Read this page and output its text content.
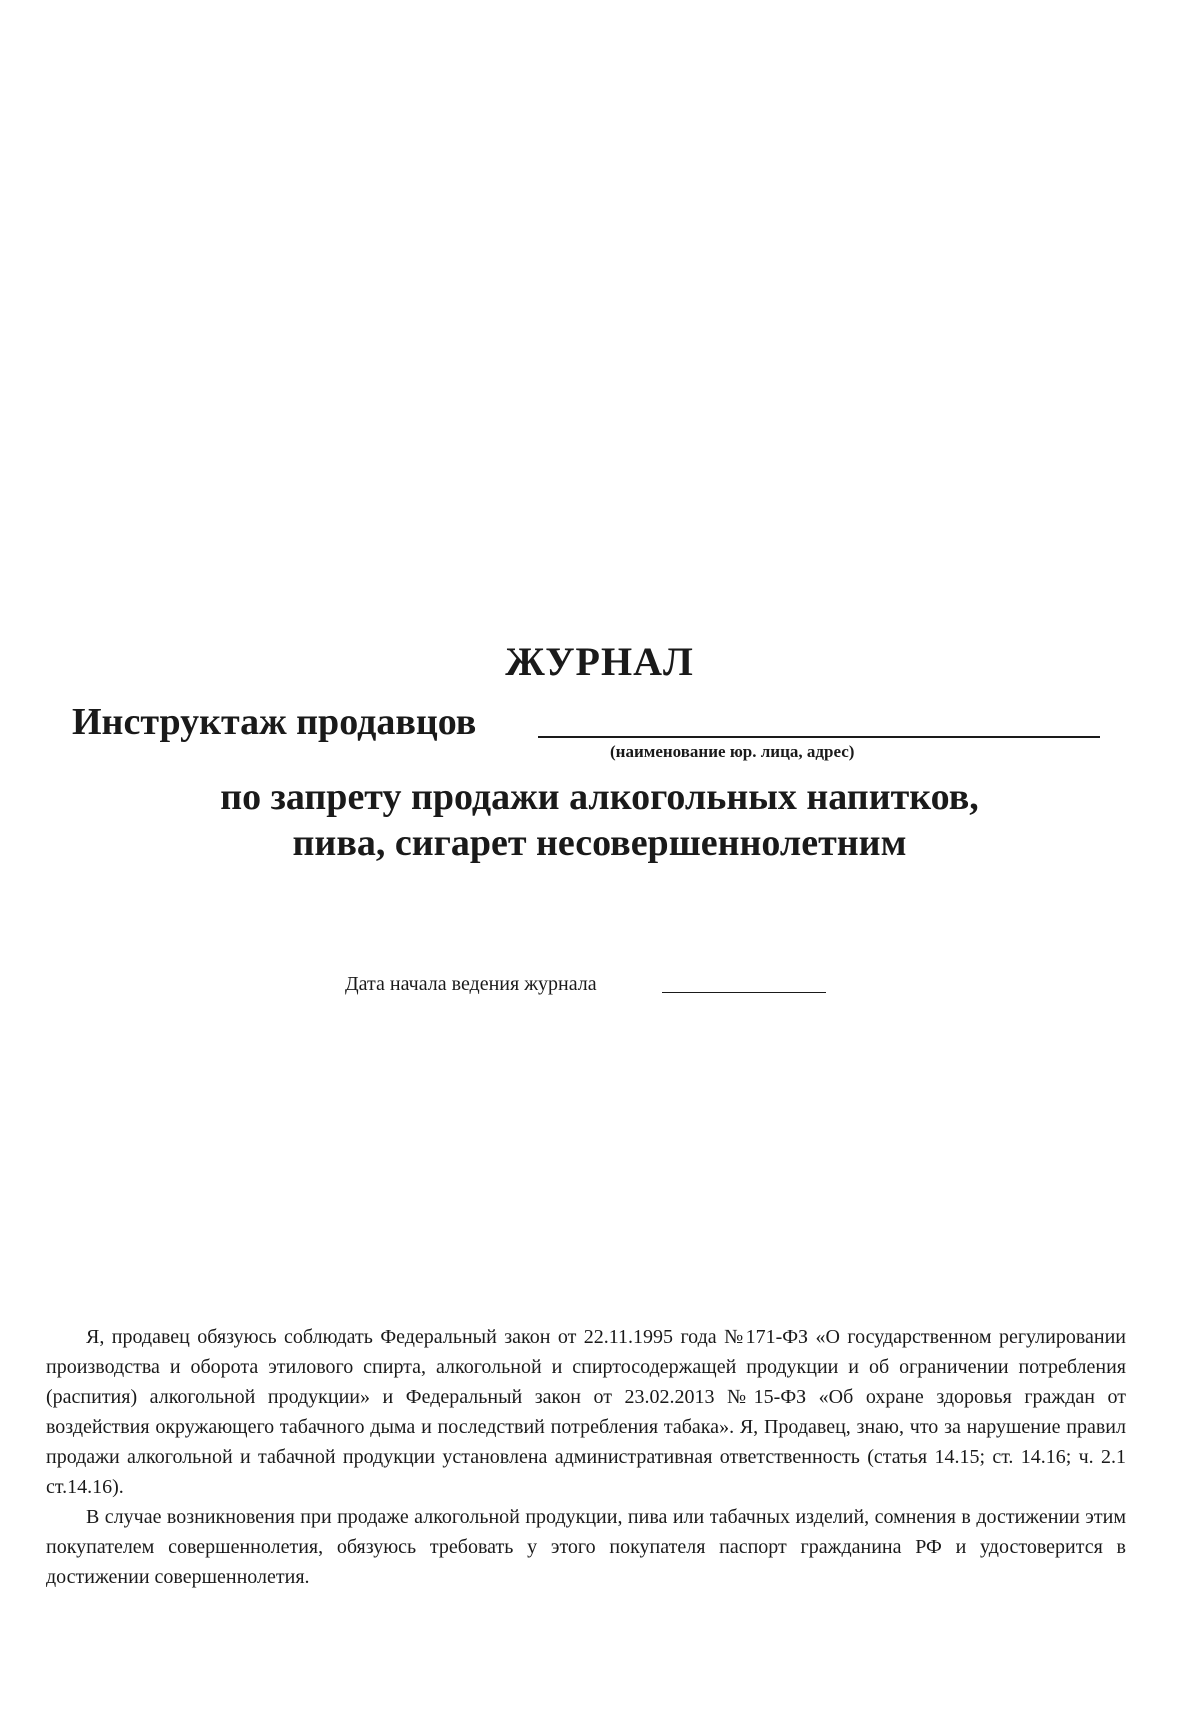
ЖУРНАЛ
Инструктаж продавцов
(наименование юр. лица, адрес)
по запрету продажи алкогольных напитков,
пива, сигарет несовершеннолетним
Дата начала ведения журнала

Я, продавец обязуюсь соблюдать Федеральный закон от 22.11.1995 года №171-ФЗ «О государственном регулировании производства и оборота этилового спирта, алкогольной и спиртосодержащей продукции и об ограничении потребления (распития) алкогольной продукции» и Федеральный закон от 23.02.2013 №15-ФЗ «Об охране здоровья граждан от воздействия окружающего табачного дыма и последствий потребления табака». Я, Продавец, знаю, что за нарушение правил продажи алкогольной и табачной продукции установлена административная ответственность (статья 14.15; ст. 14.16; ч. 2.1 ст.14.16).

В случае возникновения при продаже алкогольной продукции, пива или табачных изделий, сомнения в достижении этим покупателем совершеннолетия, обязуюсь требовать у этого покупателя паспорт гражданина РФ и удостоверится в достижении совершеннолетия.
